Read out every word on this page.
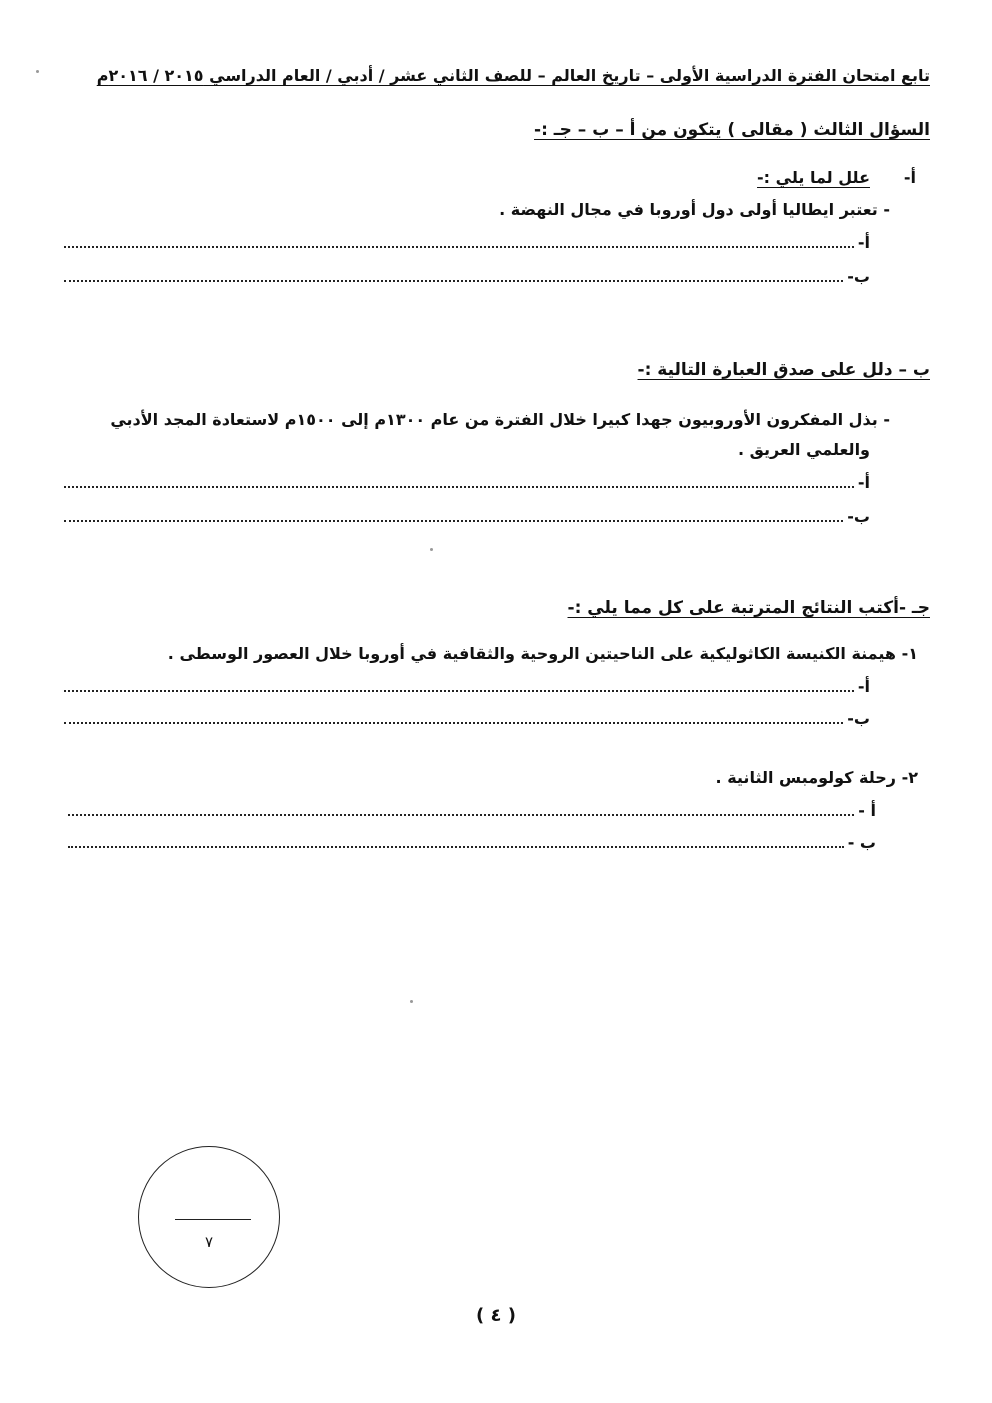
تابع امتحان الفترة الدراسية الأولى – تاريخ العالم – للصف الثاني عشر / أدبي / العام الدراسي ٢٠١٥ / ٢٠١٦م
السؤال الثالث ( مقالى ) يتكون من أ – ب – جـ :-
أ-
علل لما يلي :-
- تعتبر ايطاليا أولى دول أوروبا في مجال النهضة .
أ-
ب-
ب – دلل على صدق العبارة التالية :-
- بذل المفكرون الأوروبيون جهدا كبيرا خلال الفترة من عام ١٣٠٠م إلى ١٥٠٠م لاستعادة المجد الأدبي
والعلمي العريق .
أ-
ب-
جـ -أكتب النتائج المترتبة على كل مما يلي :-
١- هيمنة الكنيسة الكاثوليكية على الناحيتين الروحية والثقافية في أوروبا خلال العصور الوسطى .
أ-
ب-
٢- رحلة كولومبس الثانية .
أ -
ب -
٧
( ٤ )
